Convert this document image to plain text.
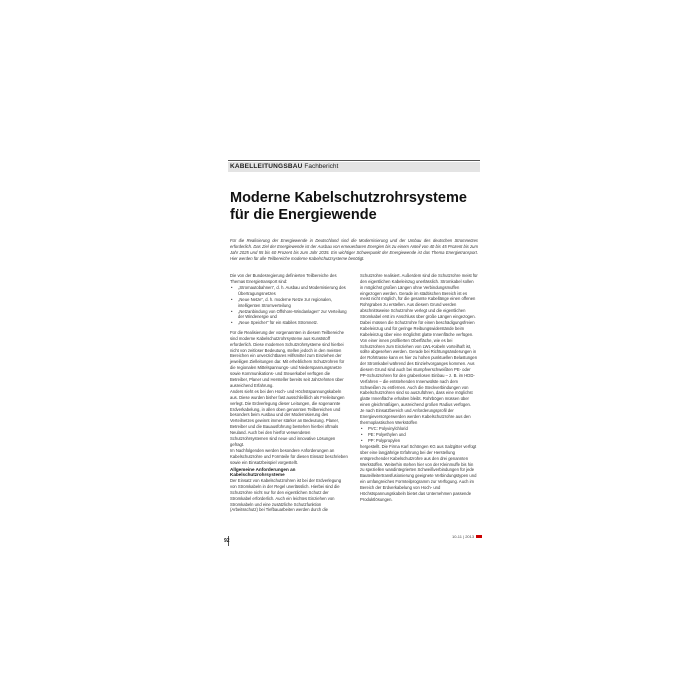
KABELLEITUNGSBAU Fachbericht
Moderne Kabelschutzrohrsysteme für die Energiewende

Für die Realisierung der Energiewende in Deutschland sind die Modernisierung und der Umbau des deutschen Stromnetzes erforderlich. Das Ziel der Energiewende ist der Ausbau von erneuerbaren Energien bis zu einem Anteil von 40 bis 45 Prozent bis zum Jahr 2025 und 55 bis 60 Prozent bis zum Jahr 2035. Ein wichtiger Schwerpunkt der Energiewende ist das Thema Energietransport. Hier werden für alle Teilbereiche moderne Kabelschutzsysteme benötigt.

Die von der Bundesregierung definierten Teilbereiche des Themas Energietransport sind:

• „Stromautobahnen“, d. h. Ausbau und Modernisierung des Übertragungsnetzes
• „Neue Netze“, d. h. moderne Netze zur regionalen, intelligenten Stromverteilung
• „Netzanbindung von Offshore-Windanlagen“ zur Verteilung der Windenergie und
• „Neue Speicher“ für ein stabiles Stromnetz.

Für die Realisierung der vorgenannten in diesem Teilbereiche sind moderne Kabelschutzrohrsysteme aus Kunststoff erforderlich. Diese modernen Schutzrohrsysteme sind hierbei nicht von zeitloser Bedeutung, stellen jedoch in den meisten Bereichen ein unverzichtbares Hilfsmittel zum Einziehen der jeweiligen Zielleitungen dar. Mit erheblichem Schutzrohren für die regionalen Mittelspannungs- und Niederspannungsnetze sowie Kommunikations- und Steuerkabel verfügen die Betreiber, Planer und Hersteller bereits seit Jahrzehnten über ausreichend Erfahrung.

Anders sieht es bei den Hoch- und Höchstspannungskabeln aus. Diese wurden bisher fast ausschließlich als Freileitungen verlegt. Die Erdverlegung dieser Leitungen, die sogenannte Erdverkabelung, in allen oben genannten Teilbereichen und besonders beim Ausbau und der Modernisierung des Verteilnetzes gewinnt immer stärker an Bedeutung. Planer, Betreiber und die Bauausführung bestehen hierbei oftmals Neuland. Auch bei den hierfür verwendeten Schutzrohrsystemen sind neue und innovative Lösungen gefragt.

Im Nachfolgenden werden besondere Anforderungen an Kabelschutzrohre und Formteile für diesen Einsatz beschrieben sowie ein Einsatzbeispiel vorgestellt.

Allgemeine Anforderungen an Kabelschutzrohrsysteme

Der Einsatz von Kabelschutzrohren ist bei der Erdverlegung von Stromkabeln in der Regel unerlässlich. Hierbei sind die Schutzrohre nicht nur für den eigentlichen Schutz der Stromkabel erforderlich. Auch ein leichtes Einziehen von Stromkabeln und eine zusätzliche Schutzfunktion (Arbeitsschutz) bei Tiefbauarbeiten werden durch die

Schutzrohre realisiert. Außerdem sind die Schutzrohre meist für den eigentlichen Kabeleinzug unerlässlich. Stromkabel sollen in möglichst großen Längen ohne Verbindungsmuffen eingezogen werden. Gerade im städtischen Bereich ist es meist nicht möglich, für die gesamte Kabellänge einen offenen Rohrgraben zu erstellen. Aus diesem Grund werden abschnittsweise Schutzrohre verlegt und die eigentlichen Stromkabel erst im Anschluss über große Längen eingezogen.

Dabei müssen die Schutzrohre für einen beschädigungsfreien Kabeleinzug und für geringe Reibungswiderstände beim Kabeleinzug über eine möglichst glatte Innenfläche verfügen. Von einer innen profilierten Oberfläche, wie es bei Schutzrohren zum Einziehen von LWL-Kabeln vorteilhaft ist, sollte abgesehen werden. Gerade bei Richtungsänderungen in der Rohrtrasse kann es hier zu hohen punktuellen Belastungen der Stromkabel während des Einziehvorganges kommen. Aus diesem Grund sind auch bei stumpfverschweißten PE- oder PP-Schutzrohren für den grabenlosen Einbau – z. B. im HDD-Verfahren – die entstehenden Innenwülste nach dem Schweißen zu entfernen. Auch die Steckverbindungen von Kabelschutzrohren sind so auszuführen, dass eine möglichst glatte Innenfläche erhalten bleibt. Rohrbögen müssen über einen gleichmäßigen, ausreichend großen Radius verfügen.

Je nach Einsatzbereich und Anforderungsprofil der Energieversorgerwerden werden Kabelschutzrohre aus den thermoplastischen Werkstoffen

• PVC: Polyvinylchlorid
• PE: Polyethylen und
• PP: Polypropylen

hergestellt. Die Firma Karl Schöngen KG aus Salzgitter verfügt über eine langjährige Erfahrung bei der Herstellung entsprechender Kabelschutzrohre aus den drei genannten Werkstoffen. Weiterhin stehen hier von der Kleinmuffe bis hin zu speziellen wandintegrierten Schweißverbindungen für jede Bauteilleitertransfusionierung geeignete Verbindungstypen und ein umfangreiches Formteilprogramm zur Verfügung. Auch im Bereich der Erdverkabelung von Hoch- und Höchstspannungskabeln bietet das Unternehmen passende Produktlösungen.

92
10-11 | 2013
